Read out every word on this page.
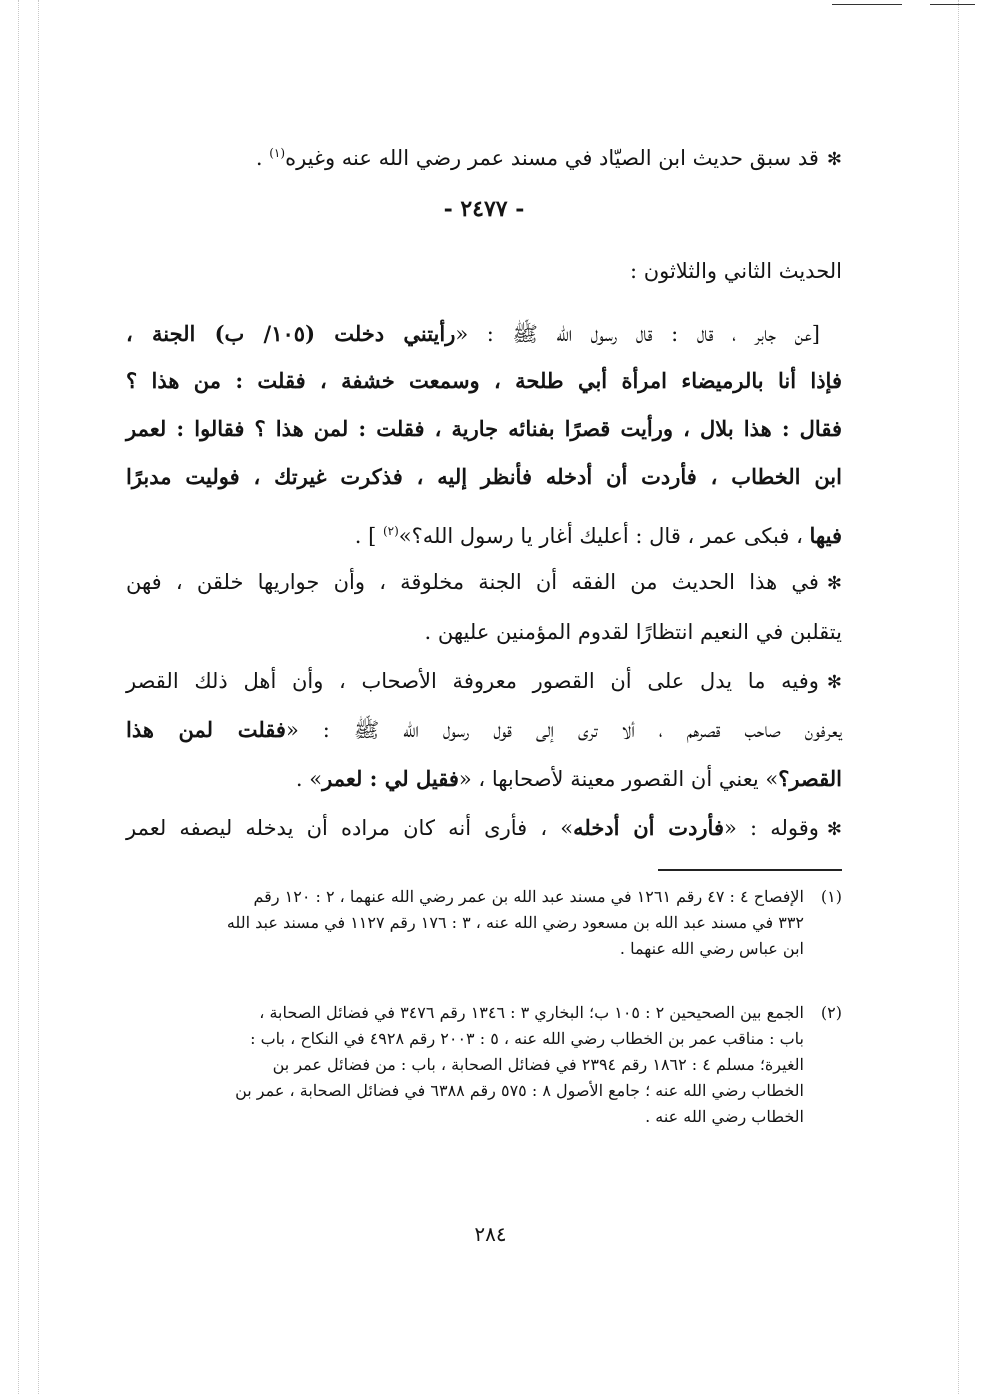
✻قد سبق حديث ابن الصيّاد في مسند عمر رضي الله عنه وغيره$^{(١)}$ .
- ٢٤٧٧ -
الحديث الثاني والثلاثون :
[عن جابر ، قال : قال رسول الله ﷺ : «رأيتني دخلت (١٠٥/ ب) الجنة ،
فإذا أنا بالرميضاء امرأة أبي طلحة ، وسمعت خشفة ، فقلت : من هذا ؟
فقال : هذا بلال ، ورأيت قصرًا بفنائه جارية ، فقلت : لمن هذا ؟ فقالوا : لعمر
ابن الخطاب ، فأردت أن أدخله فأنظر إليه ، فذكرت غيرتك ، فوليت مدبرًا
فيها ، فبكى عمر ، قال : أعليك أغار يا رسول الله؟»$^{(٢)}$ ] .
✻في هذا الحديث من الفقه أن الجنة مخلوقة ، وأن جواريها خلقن ، فهن
يتقلبن في النعيم انتظارًا لقدوم المؤمنين عليهن .
✻وفيه ما يدل على أن القصور معروفة الأصحاب ، وأن أهل ذلك القصر
يعرفون صاحب قصرهم ، ألا ترى إلى قول رسول الله ﷺ : «فقلت لمن هذا
القصر؟» يعني أن القصور معينة لأصحابها ، «فقيل لي : لعمر» .
✻وقوله : «فأردت أن أدخله» ، فأرى أنه كان مراده أن يدخله ليصفه لعمر
(١)الإفصاح ٤ : ٤٧ رقم ١٢٦١ في مسند عبد الله بن عمر رضي الله عنهما ، ٢ : ١٢٠ رقم
٣٣٢ في مسند عبد الله بن مسعود رضي الله عنه ، ٣ : ١٧٦ رقم ١١٢٧ في مسند عبد الله
ابن عباس رضي الله عنهما .
(٢)الجمع بين الصحيحين ٢ : ١٠٥ ب؛ البخاري ٣ : ١٣٤٦ رقم ٣٤٧٦ في فضائل الصحابة ،
باب : مناقب عمر بن الخطاب رضي الله عنه ، ٥ : ٢٠٠٣ رقم ٤٩٢٨ في النكاح ، باب :
الغيرة؛ مسلم ٤ : ١٨٦٢ رقم ٢٣٩٤ في فضائل الصحابة ، باب : من فضائل عمر بن
الخطاب رضي الله عنه ؛ جامع الأصول ٨ : ٥٧٥ رقم ٦٣٨٨ في فضائل الصحابة ، عمر بن
الخطاب رضي الله عنه .
٢٨٤
